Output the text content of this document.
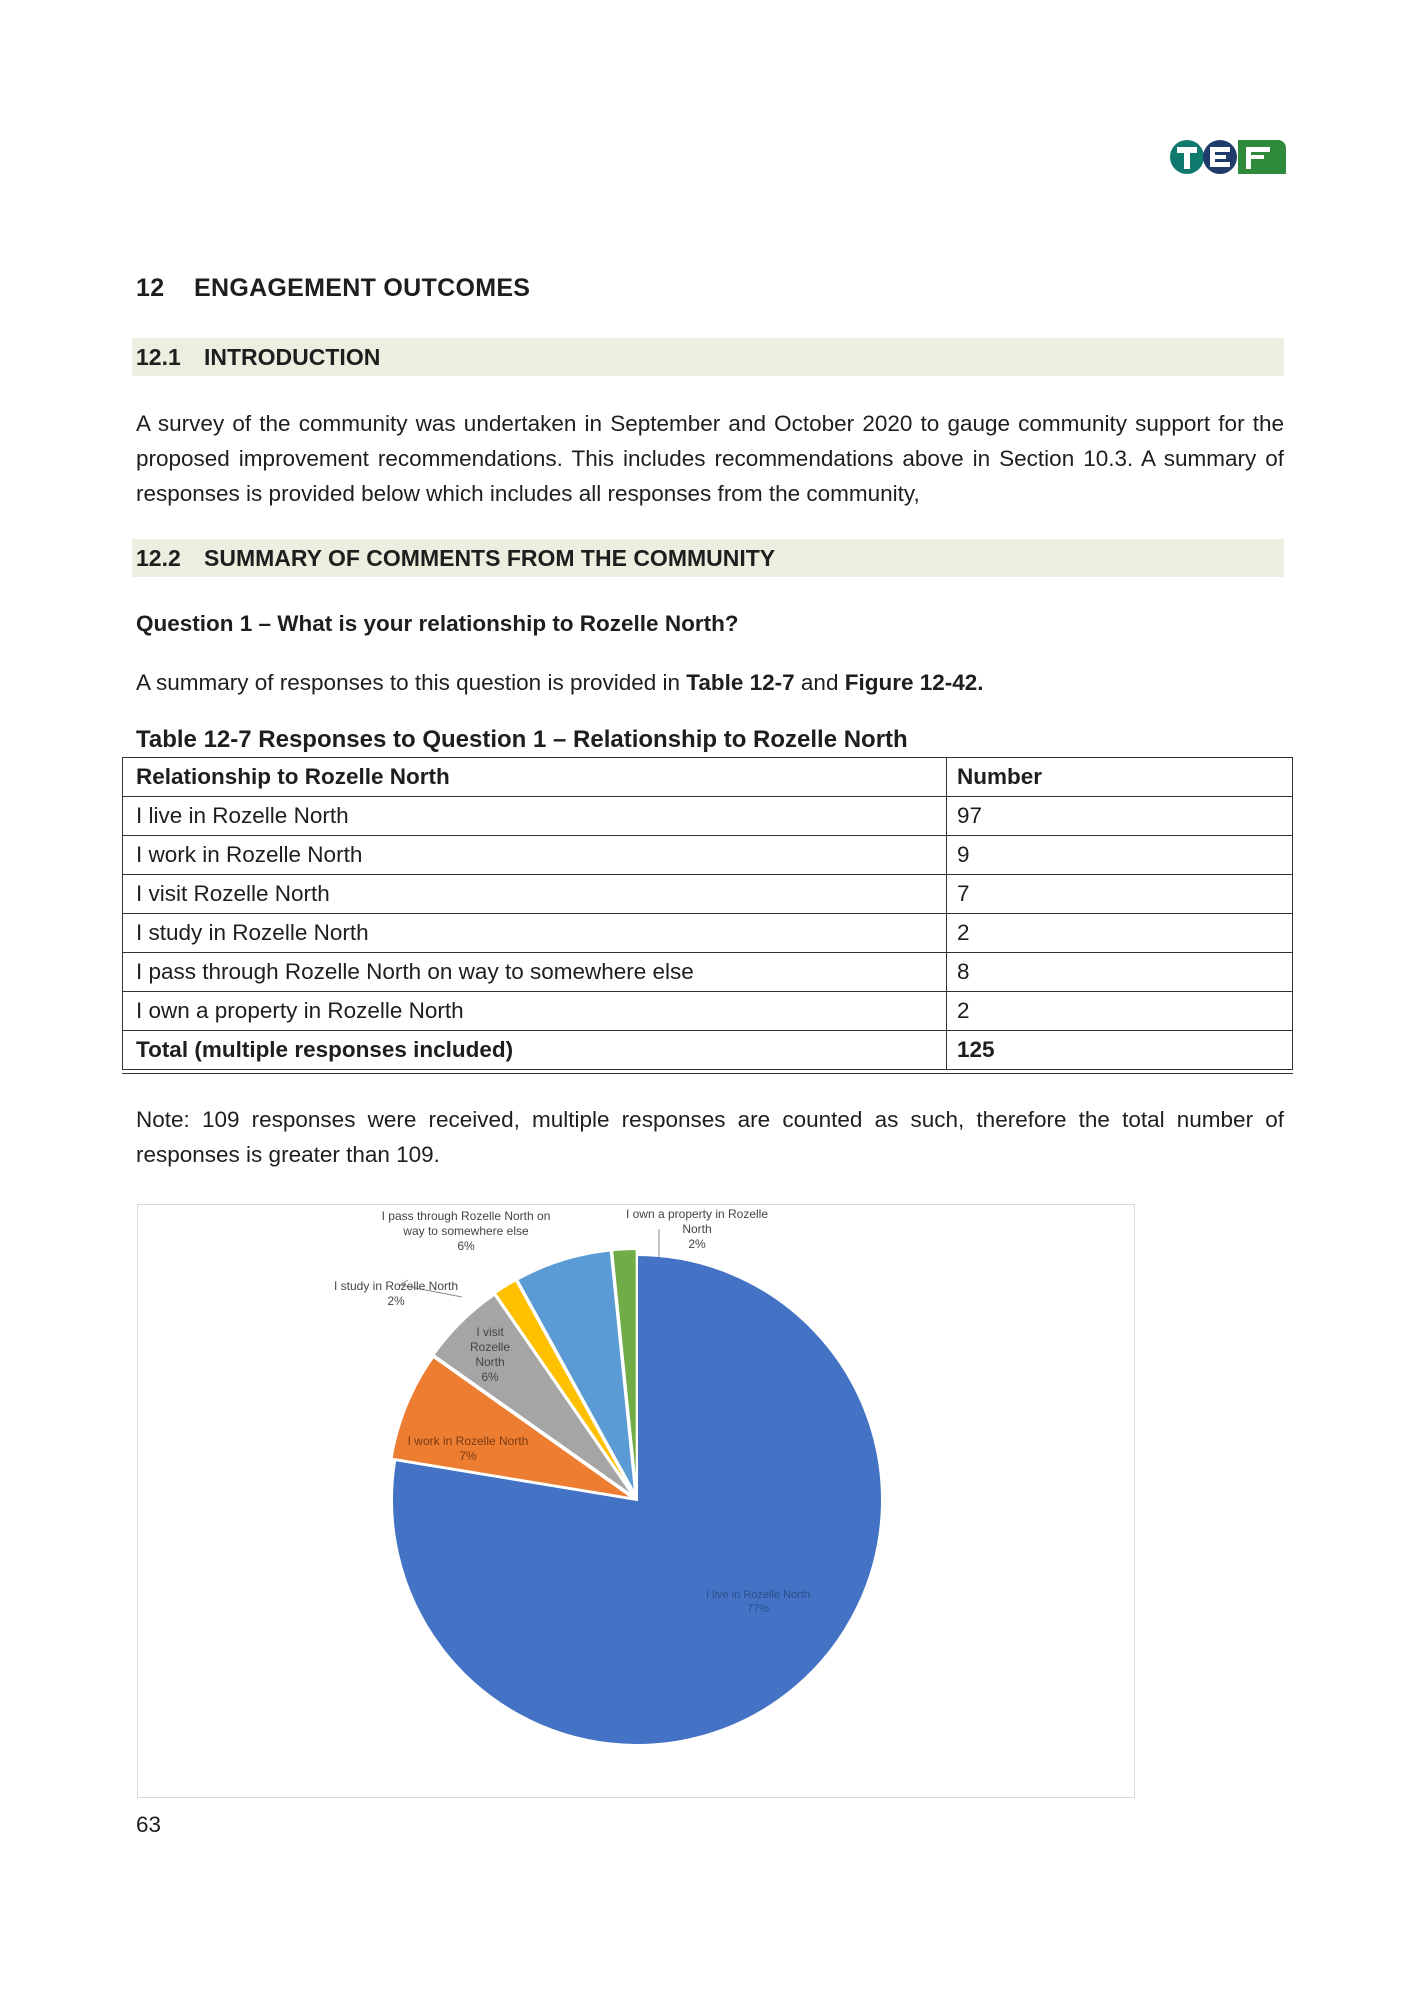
12 ENGAGEMENT OUTCOMES
12.1 INTRODUCTION
A survey of the community was undertaken in September and October 2020 to gauge community support for the proposed improvement recommendations. This includes recommendations above in Section 10.3. A summary of responses is provided below which includes all responses from the community,
12.2 SUMMARY OF COMMENTS FROM THE COMMUNITY
Question 1 – What is your relationship to Rozelle North?
A summary of responses to this question is provided in Table 12-7 and Figure 12-42.
Table 12-7 Responses to Question 1 – Relationship to Rozelle North
Relationship to Rozelle North	Number
I live in Rozelle North	97
I work in Rozelle North	9
I visit Rozelle North	7
I study in Rozelle North	2
I pass through Rozelle North on way to somewhere else	8
I own a property in Rozelle North	2
Total (multiple responses included)	125
Note: 109 responses were received, multiple responses are counted as such, therefore the total number of responses is greater than 109.
I live in Rozelle North 77%
I work in Rozelle North 7%
I visit Rozelle North 6%
I study in Rozelle North 2%
I pass through Rozelle North on way to somewhere else 6%
I own a property in Rozelle North 2%
63
